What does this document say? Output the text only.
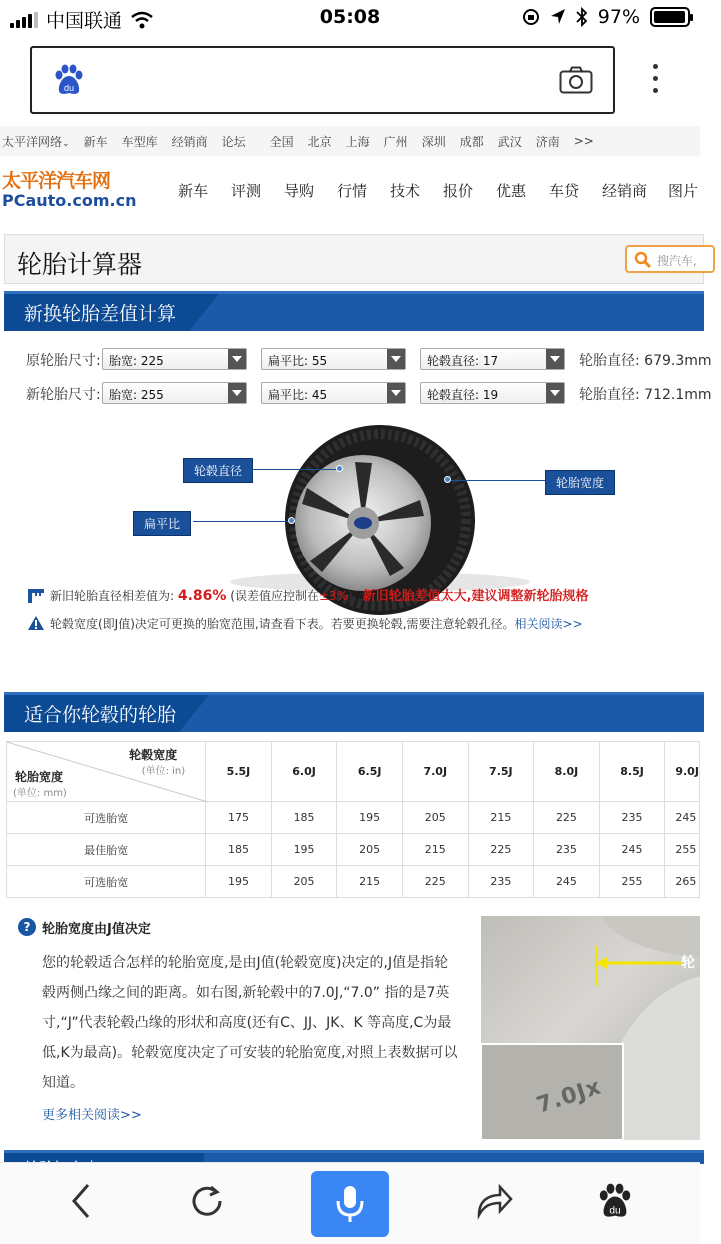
中国联通	05:08	97%
du
太平洋网络⌄ 新车 车型库 经销商 论坛 全国 北京 上海 广州 深圳 成都 武汉 济南 >>
太平洋汽车网
PCauto.com.cn	新车	评测	导购	行情	技术	报价	优惠	车贷	经销商	图片
轮胎计算器	搜汽车,
新换轮胎差值计算
原轮胎尺寸: 胎宽: 225	扁平比: 55	轮毂直径: 17	轮胎直径: 679.3mm
新轮胎尺寸: 胎宽: 255	扁平比: 45	轮毂直径: 19	轮胎直径: 712.1mm
轮毂直径
扁平比
轮胎宽度
新旧轮胎直径相差值为: 4.86% (误差值应控制在±3%) 新旧轮胎差值太大,建议调整新轮胎规格
轮毂宽度(即J值)决定可更换的胎宽范围,请查看下表。若要更换轮毂,需要注意轮毂孔径。相关阅读>>
适合你轮毂的轮胎
轮毂宽度
(单位: in)
轮胎宽度
(单位: mm)	5.5J	6.0J	6.5J	7.0J	7.5J	8.0J	8.5J	9.0J
可选胎宽	175	185	195	205	215	225	235	245
最佳胎宽	185	195	205	215	225	235	245	255
可选胎宽	195	205	215	225	235	245	255	265
? 轮胎宽度由J值决定
您的轮毂适合怎样的轮胎宽度,是由J值(轮毂宽度)决定的,J值是指轮毂两侧凸缘之间的距离。如右图,新轮毂中的7.0J,“7.0” 指的是7英寸,“J”代表轮毂凸缘的形状和高度(还有C、JJ、JK、K 等高度,C为最低,K为最高)。轮毂宽度决定了可安装的轮胎宽度,对照上表数据可以知道。
更多相关阅读>>
轮
7.0Jx
du
